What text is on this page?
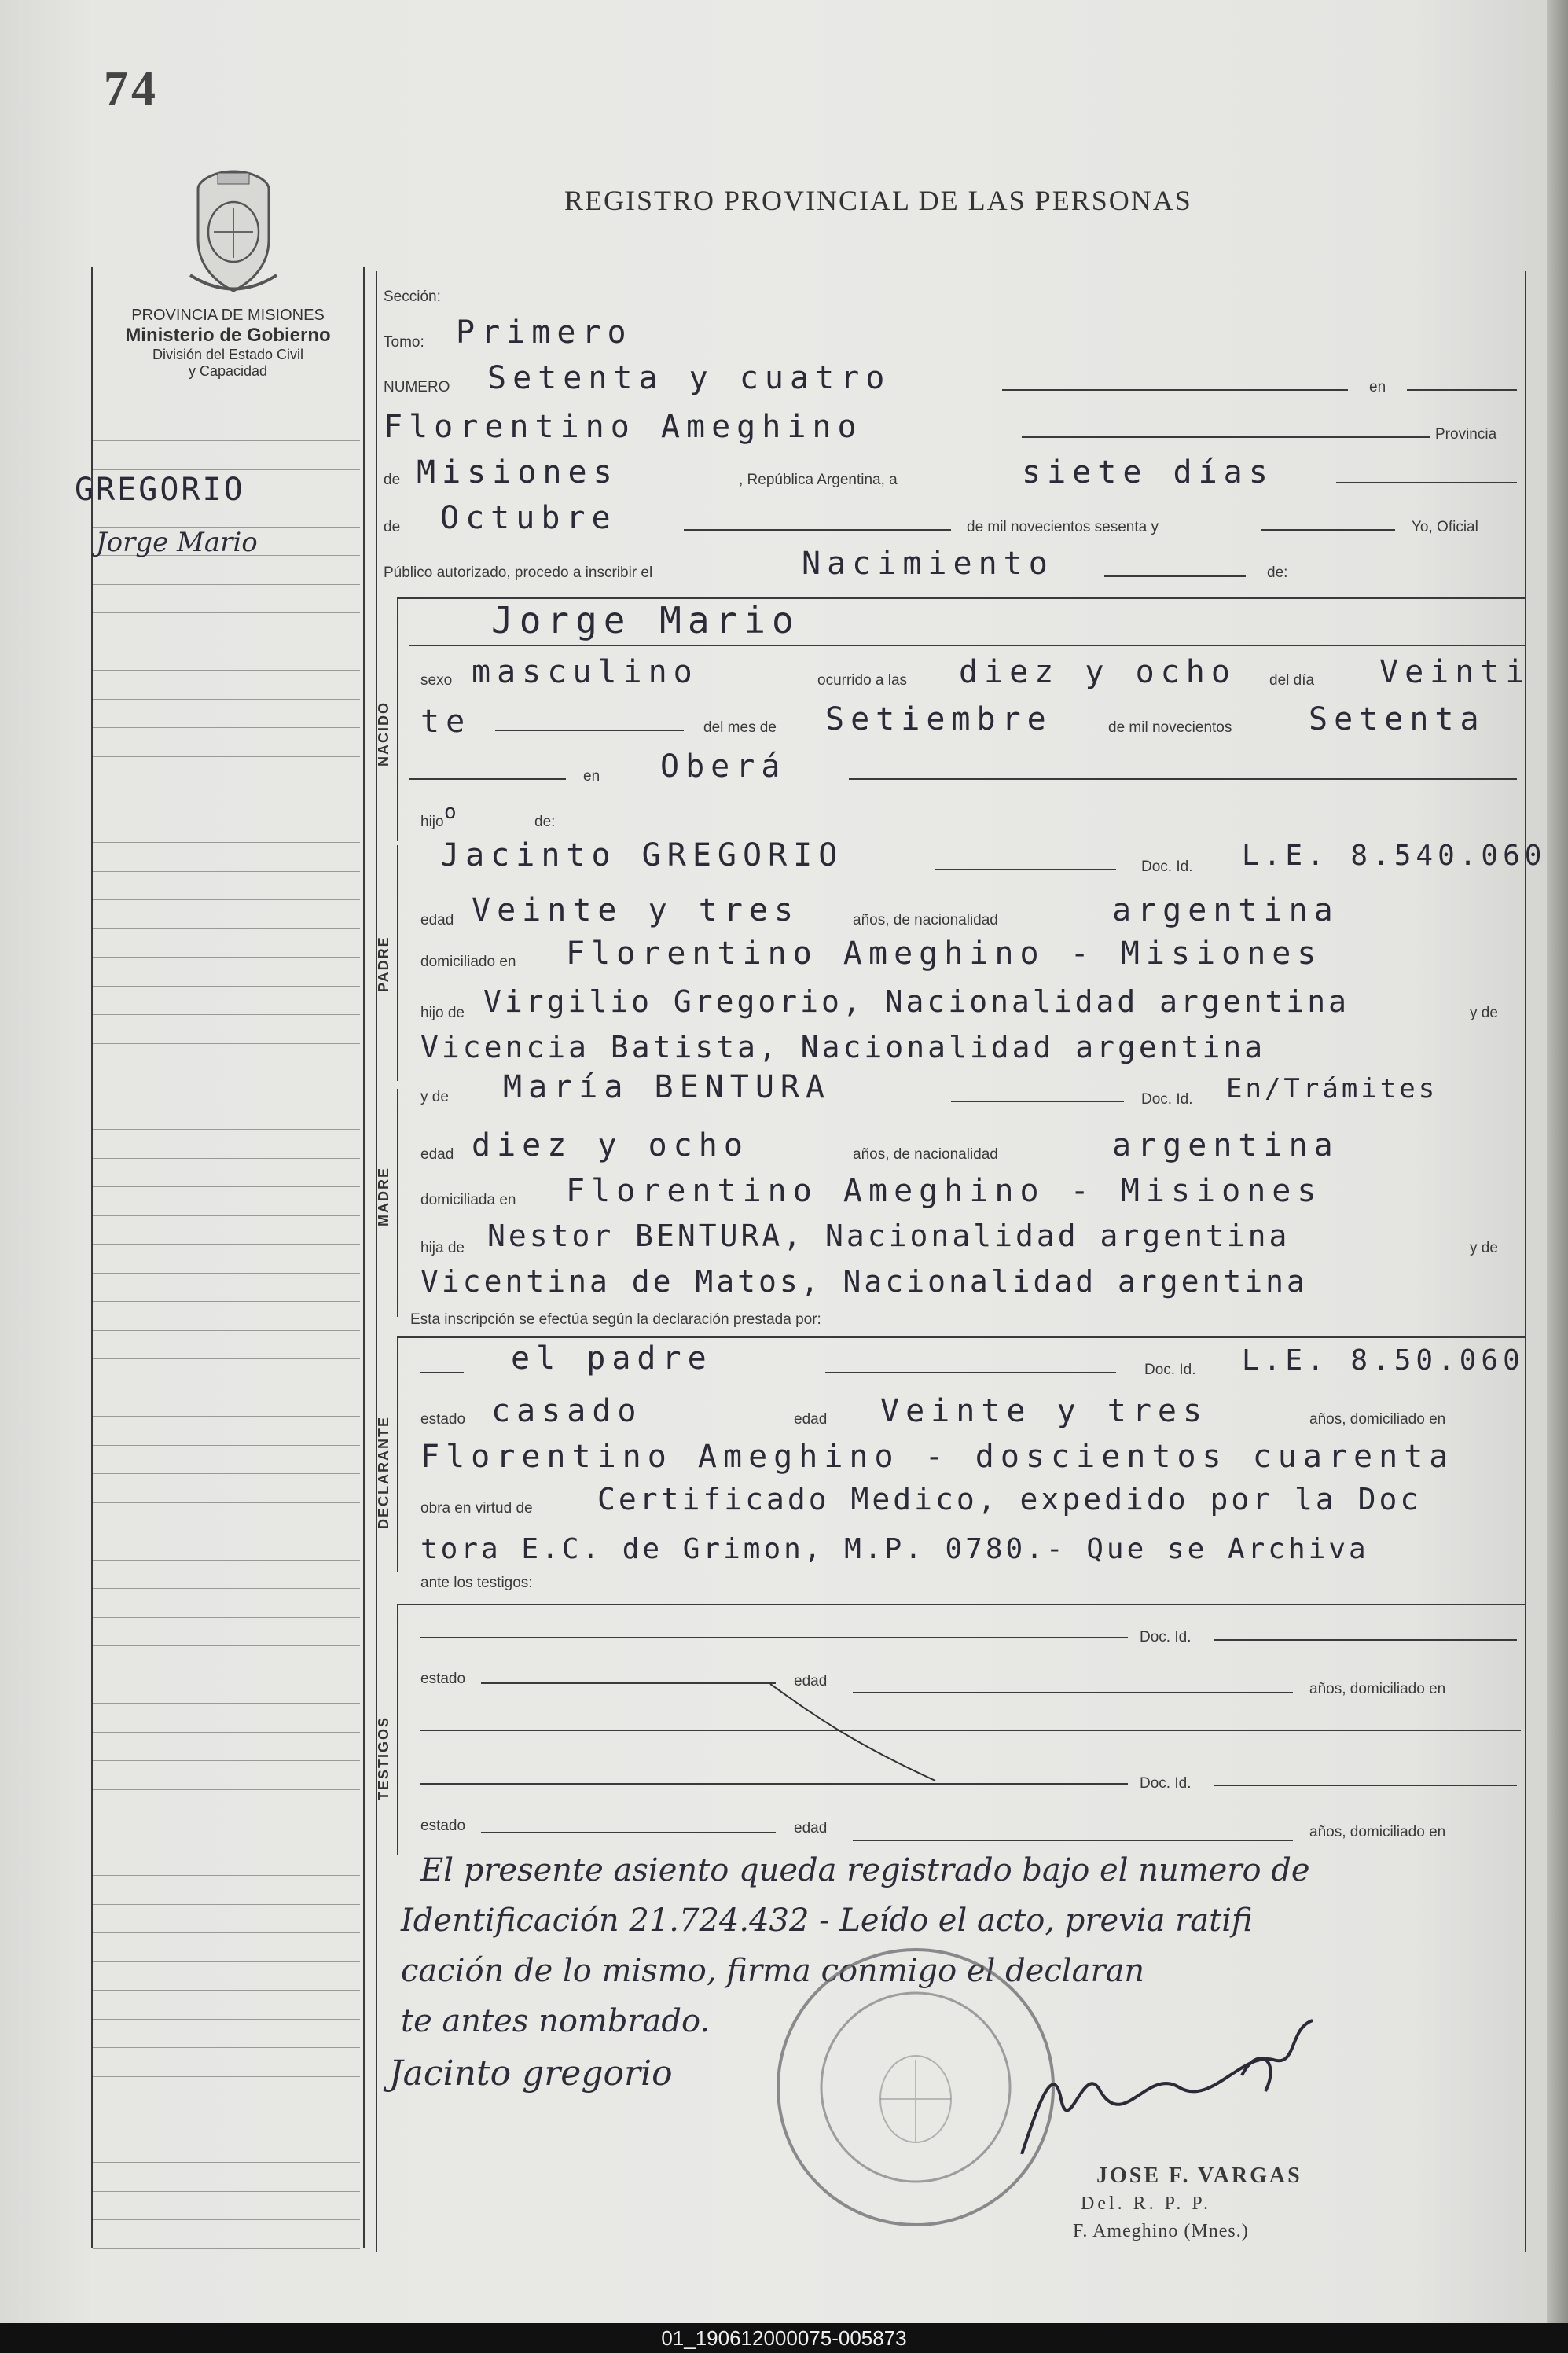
74
REGISTRO PROVINCIAL DE LAS PERSONAS
PROVINCIA DE MISIONES
Ministerio de Gobierno
División del Estado Civil
y Capacidad
GREGORIO
Jorge Mario
Sección:
Tomo: Primero
NUMERO Setenta y cuatro	en
Florentino Ameghino	Provincia
de Misiones	, República Argentina, a	siete días
de Octubre	de mil novecientos sesenta y	Yo, Oficial
Público autorizado, procedo a inscribir el	Nacimiento	de:
NACIDO
Jorge Mario
sexo masculino	ocurrido a las diez y ocho del día Veinti
te	del mes de Setiembre	de mil novecientos Setenta
en Oberá
hijo o	de:
PADRE
Jacinto GREGORIO	Doc. Id. L.E. 8.540.060
edad Veinte y tres	años, de nacionalidad	argentina
domiciliado en Florentino Ameghino - Misiones
hijo de Virgilio Gregorio, Nacionalidad argentina	y de
Vicencia Batista, Nacionalidad argentina
MADRE
y de María BENTURA	Doc. Id. En/Trámites
edad diez y ocho	años, de nacionalidad	argentina
domiciliada en Florentino Ameghino - Misiones
hija de Nestor BENTURA, Nacionalidad argentina	y de
Vicentina de Matos, Nacionalidad argentina
Esta inscripción se efectúa según la declaración prestada por:
DECLARANTE
el padre	Doc. Id. L.E. 8.50.060
estado casado	edad Veinte y tres	años, domiciliado en
Florentino Ameghino - doscientos cuarenta
obra en virtud de Certificado Medico, expedido por la Doc
tora E.C. de Grimon, M.P. 0780.- Que se Archiva
ante los testigos:
TESTIGOS
Doc. Id.
estado	edad	años, domiciliado en
Doc. Id.
estado	edad	años, domiciliado en
El presente asiento queda registrado bajo el numero de
Identificación 21.724.432 - Leído el acto, previa ratifi
cación de lo mismo, firma conmigo el declaran
te antes nombrado.
Jacinto gregorio
JOSE F. VARGAS
Del. R. P. P.
F. Ameghino (Mnes.)
01_190612000075-005873
